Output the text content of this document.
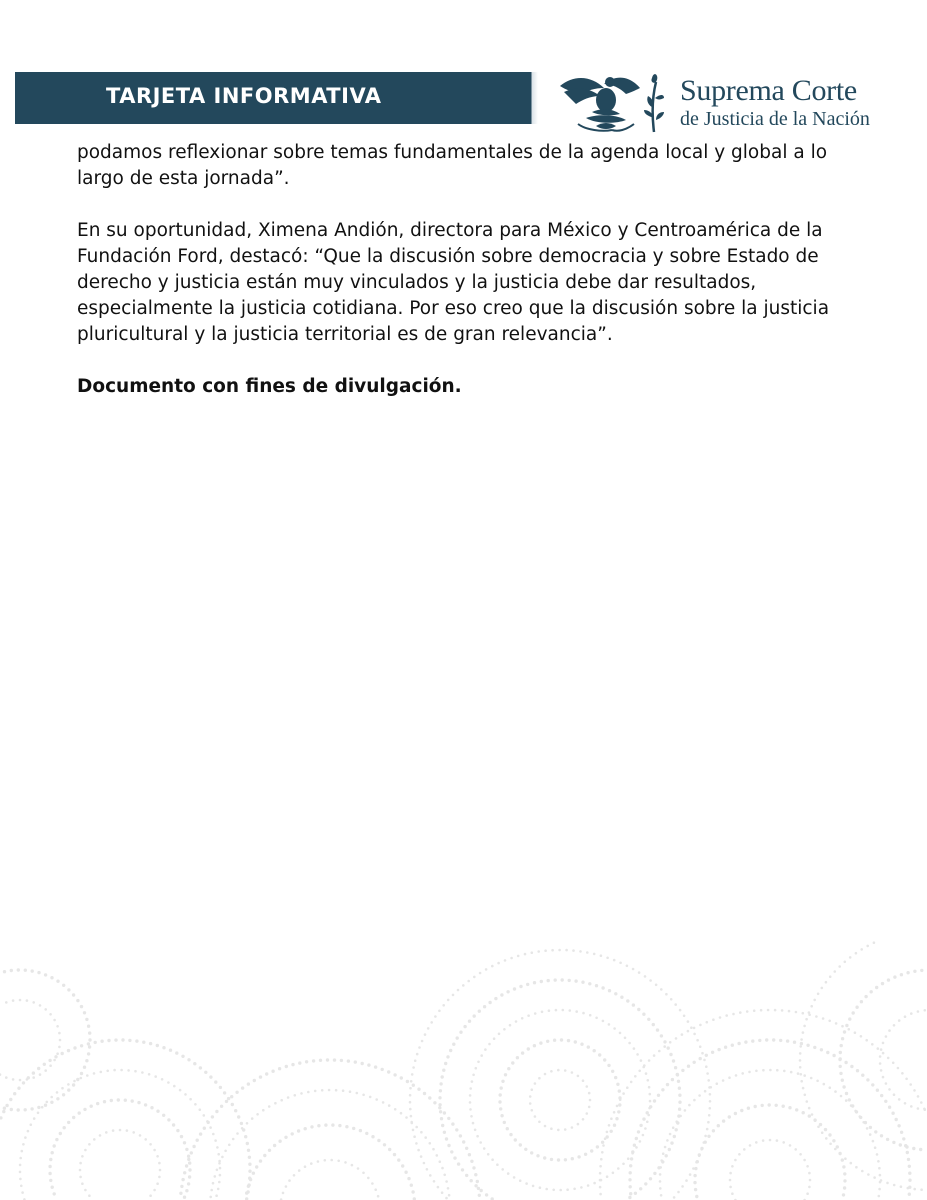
TARJETA INFORMATIVA	Suprema Corte
de Justicia de la Nación

podamos reflexionar sobre temas fundamentales de la agenda local y global a lo largo de esta jornada”.

En su oportunidad, Ximena Andión, directora para México y Centroamérica de la Fundación Ford, destacó: “Que la discusión sobre democracia y sobre Estado de derecho y justicia están muy vinculados y la justicia debe dar resultados, especialmente la justicia cotidiana. Por eso creo que la discusión sobre la justicia pluricultural y la justicia territorial es de gran relevancia”.

Documento con fines de divulgación.
